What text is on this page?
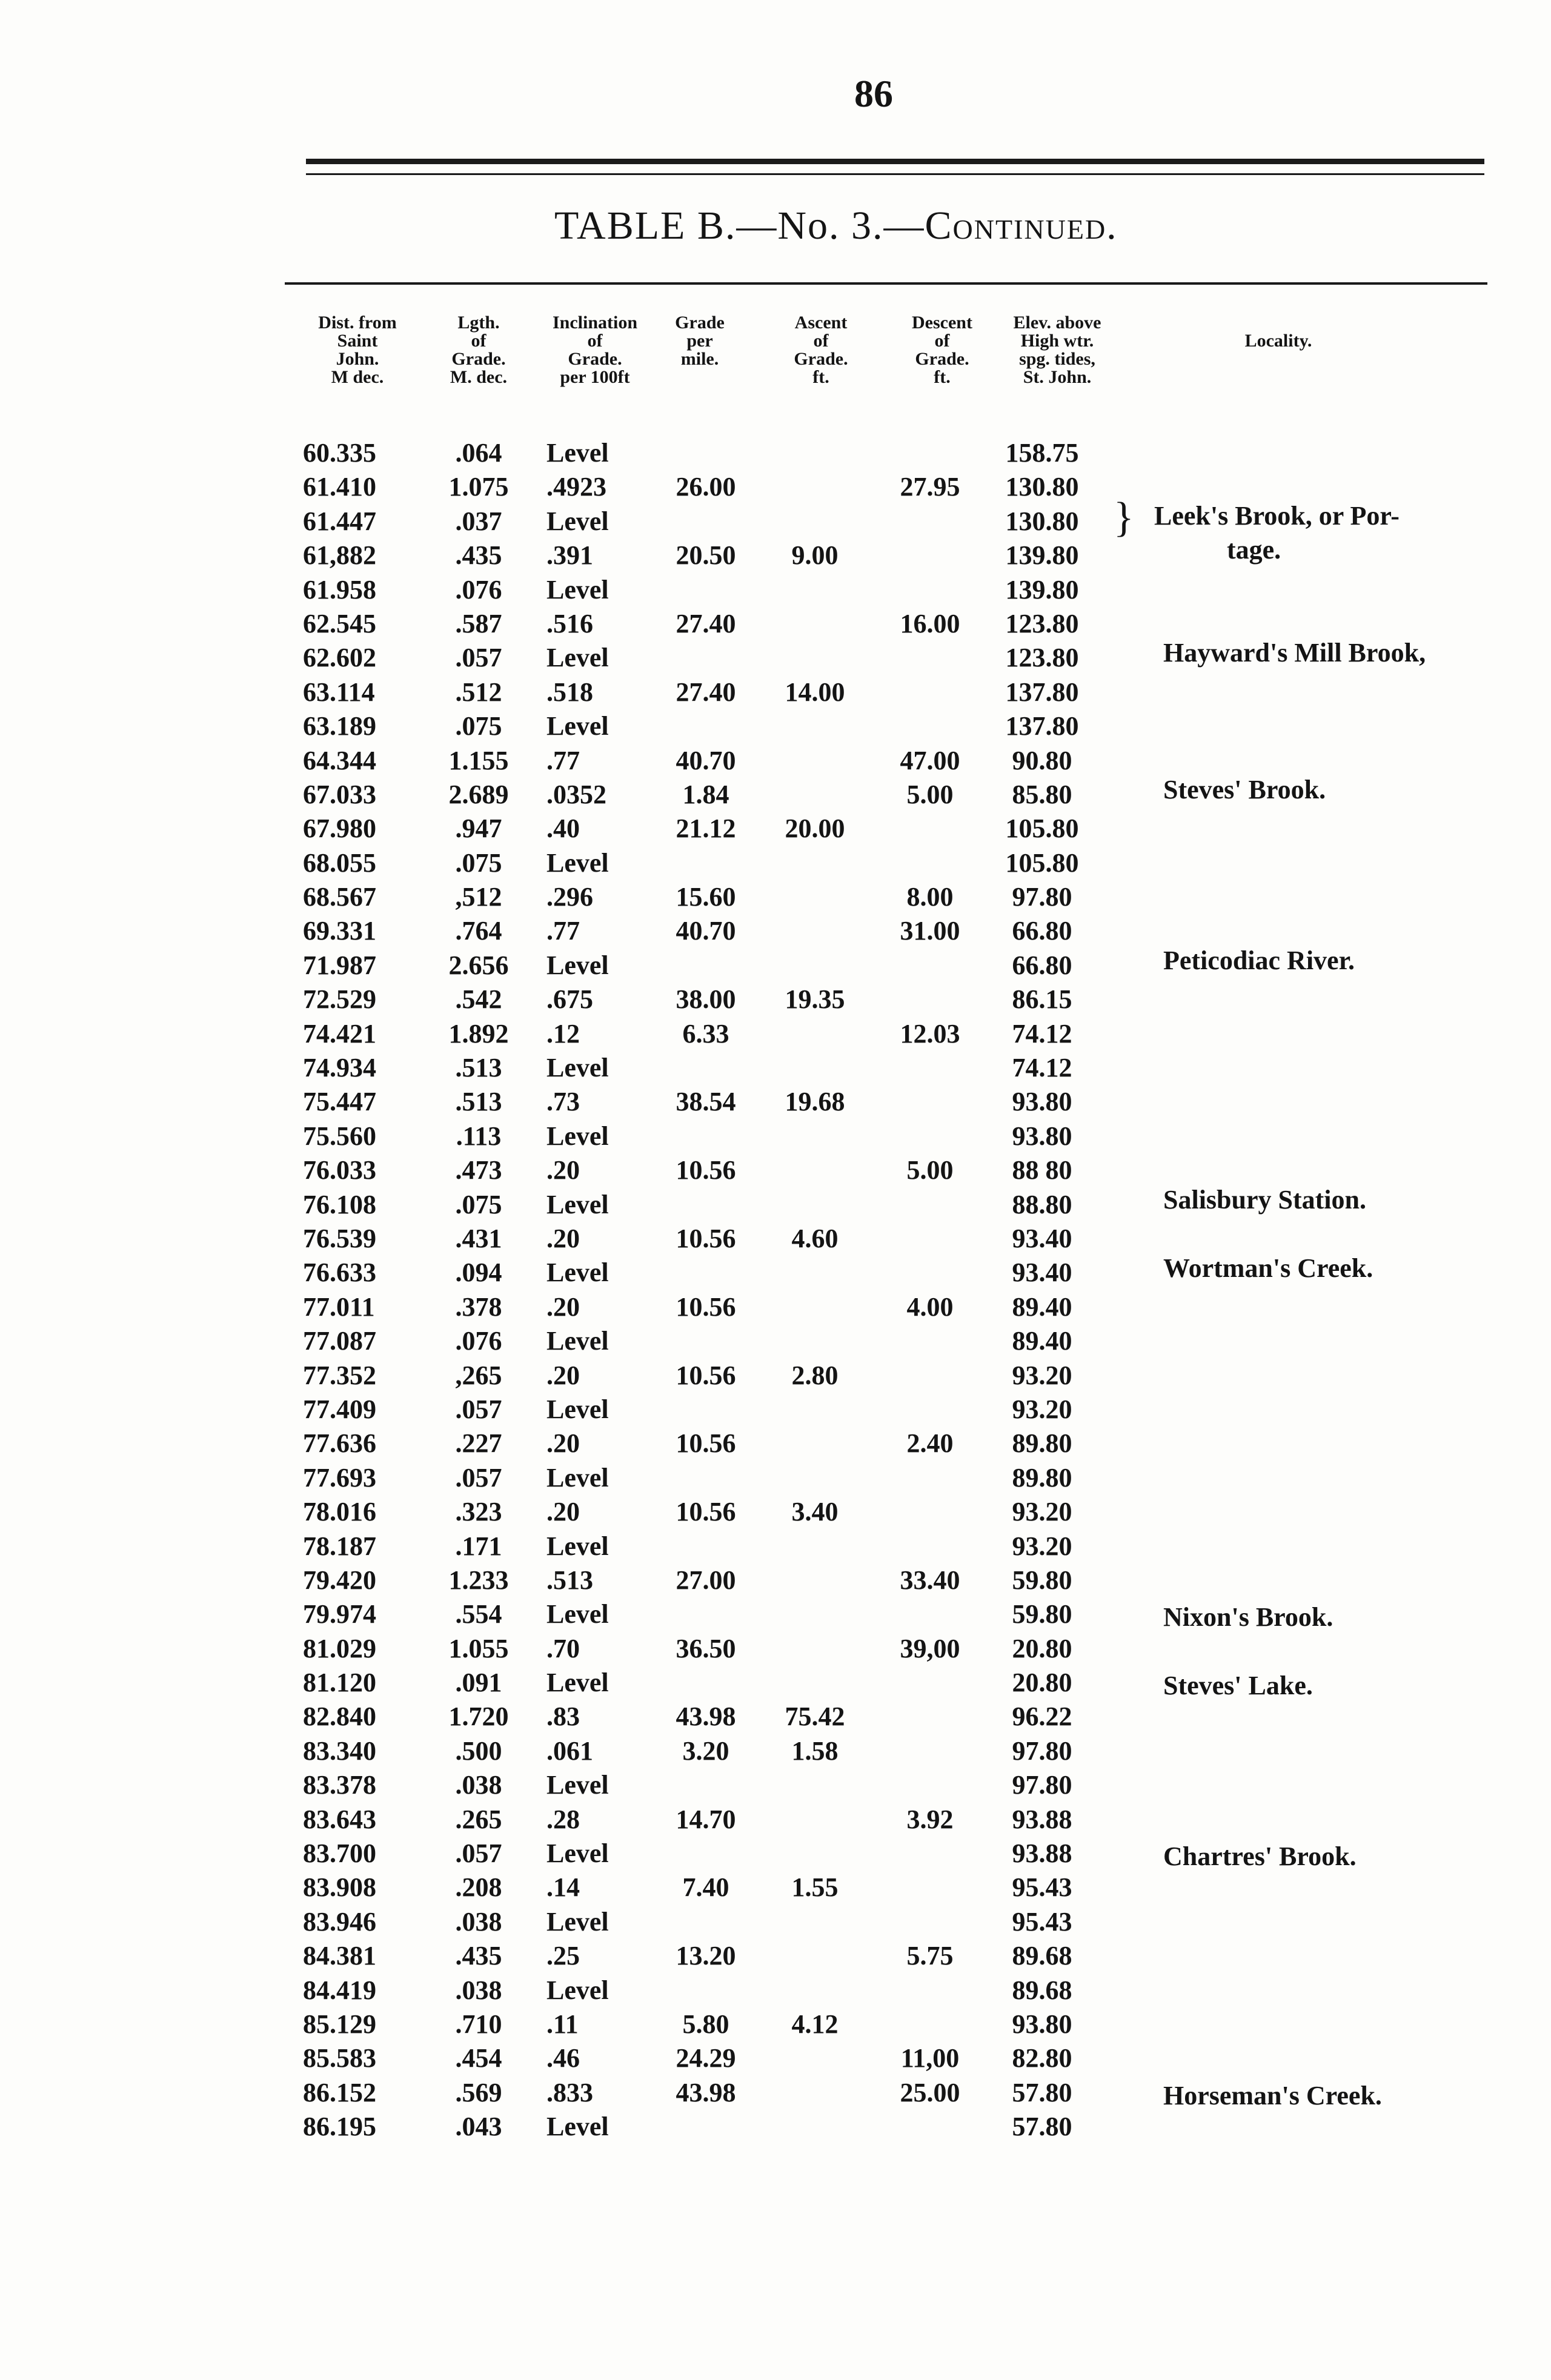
86
TABLE B.—No. 3.—Continued.
Dist. from
Saint
John.
M dec.
Lgth.
of
Grade.
M. dec.
Inclination
of
Grade.
per 100ft
Grade
per
mile.
Ascent
of
Grade.
ft.
Descent
of
Grade.
ft.
Elev. above
High wtr.
spg. tides,
St. John.
Locality.
60.335
61.410
61.447
61,882
61.958
62.545
62.602
63.114
63.189
64.344
67.033
67.980
68.055
68.567
69.331
71.987
72.529
74.421
74.934
75.447
75.560
76.033
76.108
76.539
76.633
77.011
77.087
77.352
77.409
77.636
77.693
78.016
78.187
79.420
79.974
81.029
81.120
82.840
83.340
83.378
83.643
83.700
83.908
83.946
84.381
84.419
85.129
85.583
86.152
86.195
.064
1.075
.037
.435
.076
.587
.057
.512
.075
1.155
2.689
.947
.075
,512
.764
2.656
.542
1.892
.513
.513
.113
.473
.075
.431
.094
.378
.076
,265
.057
.227
.057
.323
.171
1.233
.554
1.055
.091
1.720
.500
.038
.265
.057
.208
.038
.435
.038
.710
.454
.569
.043
Level
.4923
Level
.391
Level
.516
Level
.518
Level
.77
.0352
.40
Level
.296
.77
Level
.675
.12
Level
.73
Level
.20
Level
.20
Level
.20
Level
.20
Level
.20
Level
.20
Level
.513
Level
.70
Level
.83
.061
Level
.28
Level
.14
Level
.25
Level
.11
.46
.833
Level
26.00
20.50
27.40
27.40
40.70
1.84
21.12
15.60
40.70
38.00
6.33
38.54
10.56
10.56
10.56
10.56
10.56
10.56
27.00
36.50
43.98
3.20
14.70
7.40
13.20
5.80
24.29
43.98
9.00
14.00
20.00
19.35
19.68
4.60
2.80
3.40
75.42
1.58
1.55
4.12
27.95
16.00
47.00
5.00
8.00
31.00
12.03
5.00
4.00
2.40
33.40
39,00
3.92
5.75
11,00
25.00
158.75
130.80
130.80
139.80
139.80
123.80
123.80
137.80
137.80
90.80
85.80
105.80
105.80
97.80
66.80
66.80
86.15
74.12
74.12
93.80
93.80
88 80
88.80
93.40
93.40
89.40
89.40
93.20
93.20
89.80
89.80
93.20
93.20
59.80
59.80
20.80
20.80
96.22
97.80
97.80
93.88
93.88
95.43
95.43
89.68
89.68
93.80
82.80
57.80
57.80
} Leek's Brook, or Por-
tage.
Hayward's Mill Brook,
Steves' Brook.
Peticodiac River.
Salisbury Station.
Wortman's Creek.
Nixon's Brook.
Steves' Lake.
Chartres' Brook.
Horseman's Creek.
